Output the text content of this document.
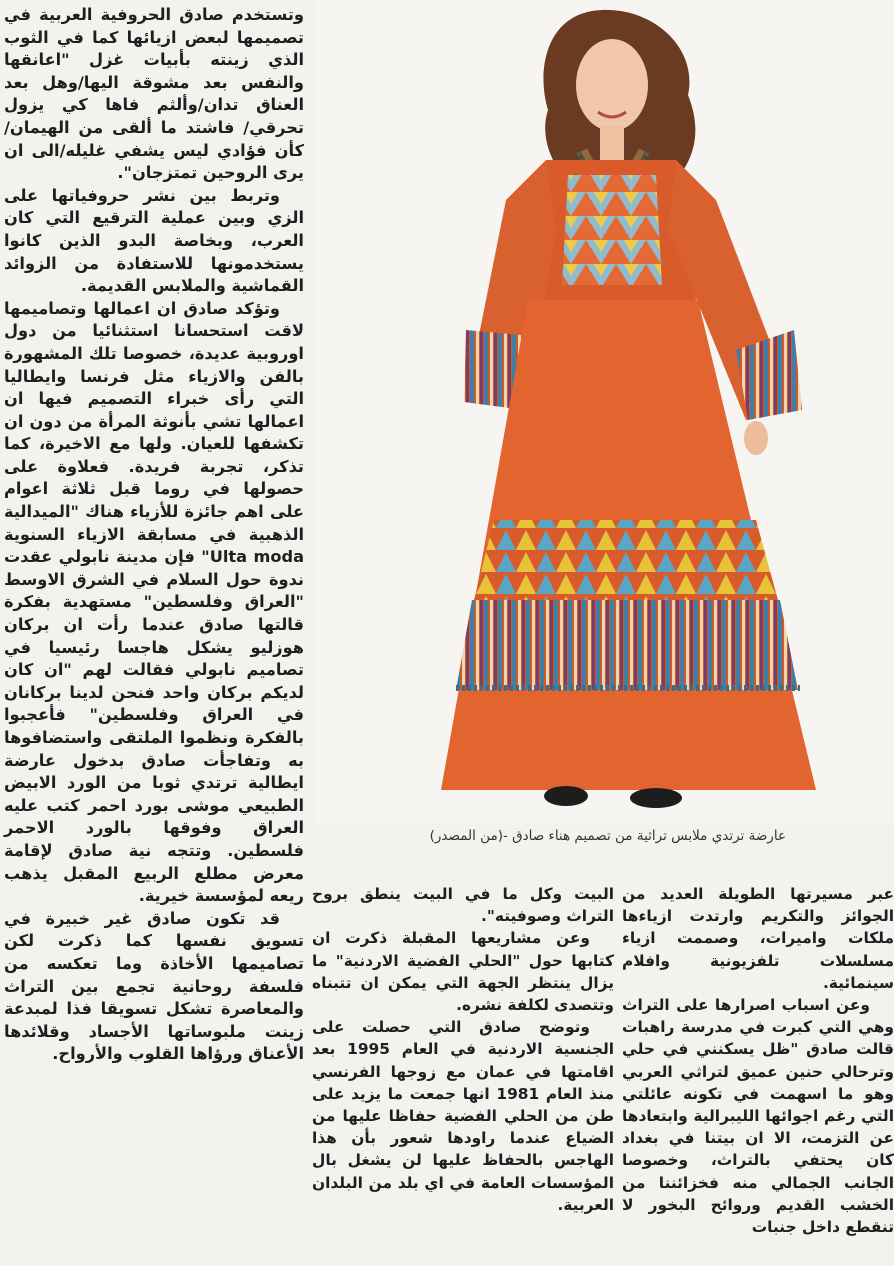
وتستخدم صادق الحروفية العربية في تصميمها لبعض ازيائها كما في الثوب الذي زينته بأبيات غزل "اعانقها والنفس بعد مشوقة اليها/وهل بعد العناق تدان/وألثم فاها كي يزول تحرقي/ فاشتد ما ألقى من الهيمان/كأن فؤادي ليس يشفي غليله/الى ان يرى الروحين تمتزجان".

وتربط بين نشر حروفياتها على الزي وبين عملية الترقيع التي كان العرب، وبخاصة البدو الذين كانوا يستخدمونها للاستفادة من الزوائد القماشية والملابس القديمة.

وتؤكد صادق ان اعمالها وتصاميمها لاقت استحسانا استثنائيا من دول اوروبية عديدة، خصوصا تلك المشهورة بالفن والازياء مثل فرنسا وايطاليا التي رأى خبراء التصميم فيها ان اعمالها تشي بأنوثة المرأة من دون ان تكشفها للعيان. ولها مع الاخيرة، كما تذكر، تجربة فريدة. فعلاوة على حصولها في روما قبل ثلاثة اعوام على اهم جائزة للأزياء هناك "الميدالية الذهبية في مسابقة الازياء السنوية Ulta moda" فإن مدينة نابولي عقدت ندوة حول السلام في الشرق الاوسط "العراق وفلسطين" مستهدية بفكرة قالتها صادق عندما رأت ان بركان هوزليو يشكل هاجسا رئيسيا في تصاميم نابولي فقالت لهم "ان كان لديكم بركان واحد فنحن لدينا بركانان في العراق وفلسطين" فأعجبوا بالفكرة ونظموا الملتقى واستضافوها به وتفاجأت صادق بدخول عارضة ايطالية ترتدي ثوبا من الورد الابيض الطبيعي موشى بورد احمر كتب عليه العراق وفوقها بالورد الاحمر فلسطين. وتتجه نية صادق لإقامة معرض مطلع الربيع المقبل يذهب ريعه لمؤسسة خيرية.

قد تكون صادق غير خبيرة في تسويق نفسها كما ذكرت لكن تصاميمها الأخاذة وما تعكسه من فلسفة روحانية تجمع بين التراث والمعاصرة تشكل تسويقا فذا لمبدعة زينت ملبوساتها الأجساد وقلائدها الأعناق ورؤاها القلوب والأرواح.

عارضة ترتدي ملابس تراثية من تصميم هناء صادق -(من المصدر)

البيت وكل ما في البيت ينطق بروح التراث وصوفيته".

وعن مشاريعها المقبلة ذكرت ان كتابها حول "الحلي الفضية الاردنية" ما يزال ينتظر الجهة التي يمكن ان تتبناه وتتصدى لكلفة نشره.

وتوضح صادق التي حصلت على الجنسية الاردنية في العام 1995 بعد اقامتها في عمان مع زوجها الفرنسي منذ العام 1981 انها جمعت ما يزيد على طن من الحلي الفضية حفاظا عليها من الضياع عندما راودها شعور بأن هذا الهاجس بالحفاظ عليها لن يشغل بال المؤسسات العامة في اي بلد من البلدان العربية.

عبر مسيرتها الطويلة العديد من الجوائز والتكريم وارتدت ازياءها ملكات واميرات، وصممت ازياء مسلسلات تلفزيونية وافلام سينمائية.

وعن اسباب اصرارها على التراث وهي التي كبرت في مدرسة راهبات قالت صادق "ظل يسكنني في حلي وترحالي حنين عميق لتراثي العربي وهو ما اسهمت في تكونه عائلتي التي رغم اجوائها الليبرالية وابتعادها عن التزمت، الا ان بيتنا في بغداد كان يحتفي بالتراث، وخصوصا الجانب الجمالي منه فخزائننا من الخشب القديم وروائح البخور لا تنقطع داخل جنبات
